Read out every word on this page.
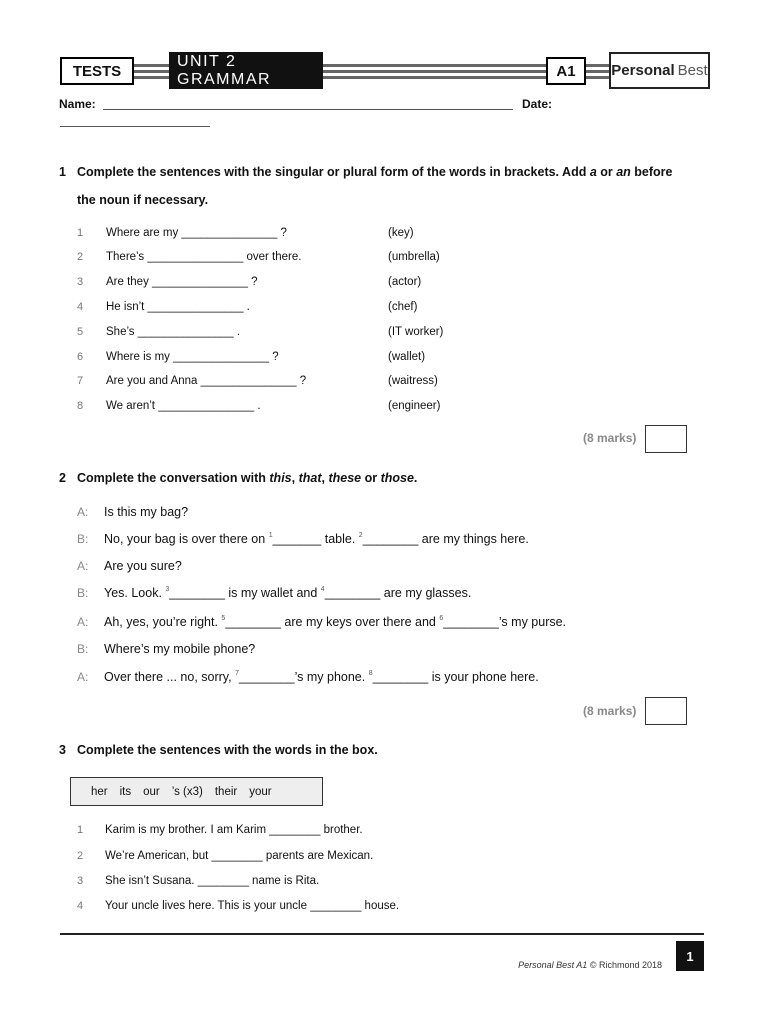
TESTS
UNIT 2 GRAMMAR	A1	Personal Best
Name:	Date:
1 Complete the sentences with the singular or plural form of the words in brackets. Add a or an before
the noun if necessary.
1 Where are my _______________ ?	(key)
2 There’s _______________ over there.	(umbrella)
3 Are they _______________ ?	(actor)
4 He isn’t _______________ .	(chef)
5 She’s _______________ .	(IT worker)
6 Where is my _______________ ?	(wallet)
7 Are you and Anna _______________ ?	(waitress)
8 We aren’t _______________ .	(engineer)
(8 marks)
2 Complete the conversation with this, that, these or those.
A: Is this my bag?
B: No, your bag is over there on $^1$_______ table. $^2$________ are my things here.
A: Are you sure?
B: Yes. Look. $^3$________ is my wallet and $^4$________ are my glasses.
A: Ah, yes, you’re right. $^5$________ are my keys over there and $^6$________’s my purse.
B: Where’s my mobile phone?
A: Over there ... no, sorry, $^7$________’s my phone. $^8$________ is your phone here.
(8 marks)
3 Complete the sentences with the words in the box.
her its our ’s (x3) their your
1 Karim is my brother. I am Karim ________ brother.
2 We’re American, but ________ parents are Mexican.
3 She isn’t Susana. ________ name is Rita.
4 Your uncle lives here. This is your uncle ________ house.
Personal Best A1 © Richmond 2018
1
